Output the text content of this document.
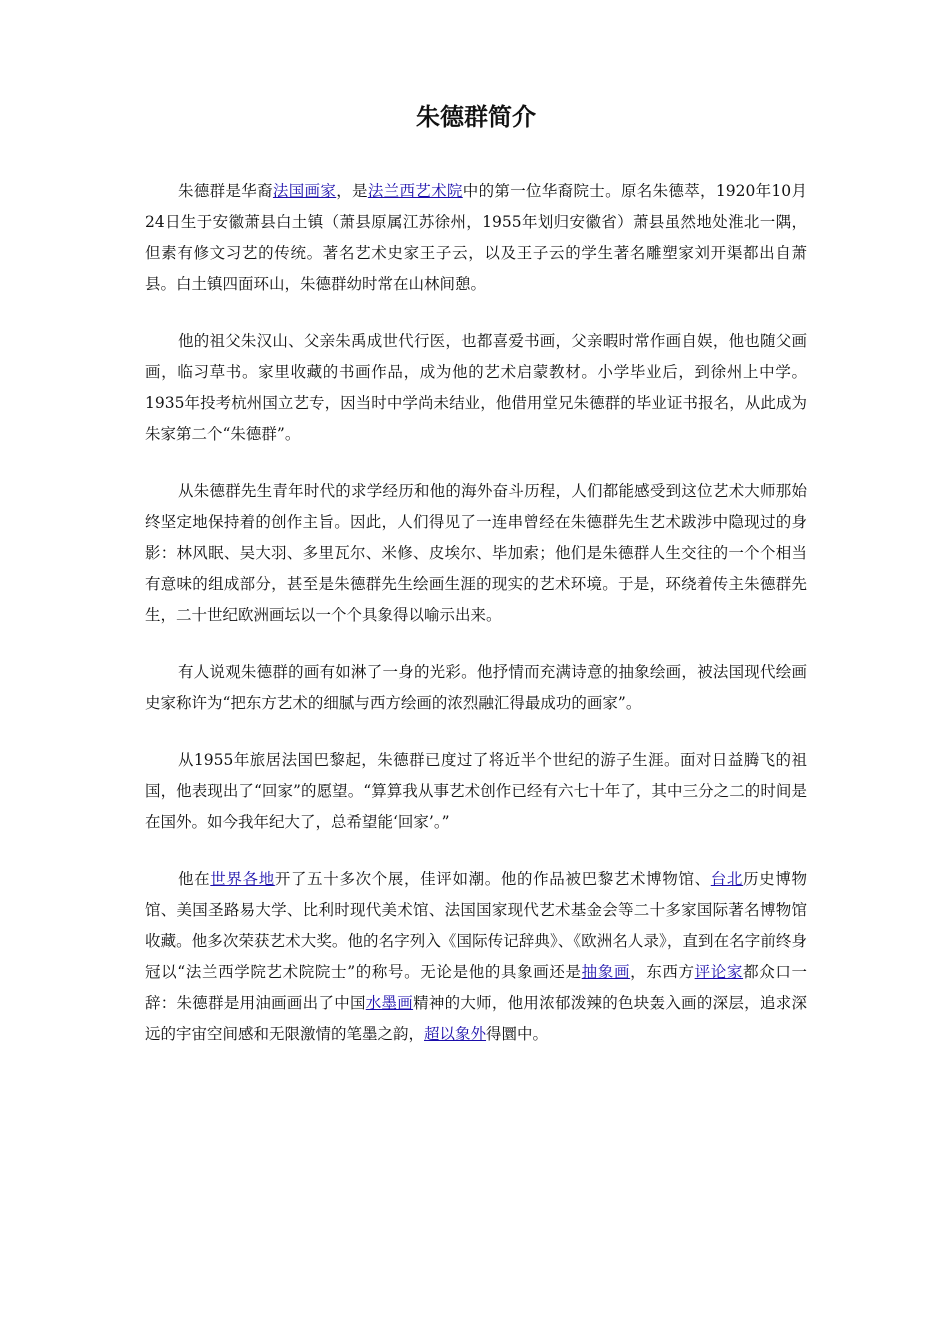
朱德群简介

朱德群是华裔法国画家，是法兰西艺术院中的第一位华裔院士。原名朱德萃，1920年10月24日生于安徽萧县白土镇（萧县原属江苏徐州，1955年划归安徽省）萧县虽然地处淮北一隅，但素有修文习艺的传统。著名艺术史家王子云，以及王子云的学生著名雕塑家刘开渠都出自萧县。白土镇四面环山，朱德群幼时常在山林间憩。

他的祖父朱汉山、父亲朱禹成世代行医，也都喜爱书画，父亲暇时常作画自娱，他也随父画画，临习草书。家里收藏的书画作品，成为他的艺术启蒙教材。小学毕业后，到徐州上中学。1935年投考杭州国立艺专，因当时中学尚未结业，他借用堂兄朱德群的毕业证书报名，从此成为朱家第二个“朱德群”。

从朱德群先生青年时代的求学经历和他的海外奋斗历程，人们都能感受到这位艺术大师那始终坚定地保持着的创作主旨。因此，人们得见了一连串曾经在朱德群先生艺术跋涉中隐现过的身影：林风眠、吴大羽、多里瓦尔、米修、皮埃尔、毕加索；他们是朱德群人生交往的一个个相当有意味的组成部分，甚至是朱德群先生绘画生涯的现实的艺术环境。于是，环绕着传主朱德群先生，二十世纪欧洲画坛以一个个具象得以喻示出来。

有人说观朱德群的画有如淋了一身的光彩。他抒情而充满诗意的抽象绘画，被法国现代绘画史家称许为“把东方艺术的细腻与西方绘画的浓烈融汇得最成功的画家”。

从1955年旅居法国巴黎起，朱德群已度过了将近半个世纪的游子生涯。面对日益腾飞的祖国，他表现出了“回家”的愿望。“算算我从事艺术创作已经有六七十年了，其中三分之二的时间是在国外。如今我年纪大了，总希望能‘回家’。”

他在世界各地开了五十多次个展，佳评如潮。他的作品被巴黎艺术博物馆、台北历史博物馆、美国圣路易大学、比利时现代美术馆、法国国家现代艺术基金会等二十多家国际著名博物馆收藏。他多次荣获艺术大奖。他的名字列入《国际传记辞典》、《欧洲名人录》，直到在名字前终身冠以“法兰西学院艺术院院士”的称号。无论是他的具象画还是抽象画，东西方评论家都众口一辞：朱德群是用油画画出了中国水墨画精神的大师，他用浓郁泼辣的色块轰入画的深层，追求深远的宇宙空间感和无限激情的笔墨之韵，超以象外得圜中。
